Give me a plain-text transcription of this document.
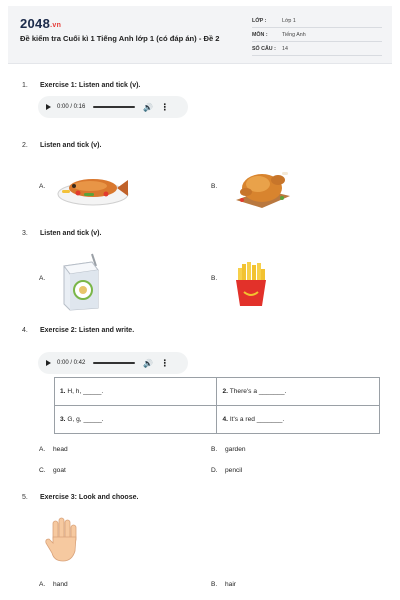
2048.vn
Đề kiểm tra Cuối kì 1 Tiếng Anh lớp 1 (có đáp án) - Đề 2
LỚP :	Lớp 1
MÔN :	Tiếng Anh
SỐ CÂU :	14
1. Exercise 1: Listen and tick (v).
0:00 / 0:16	🔊 ⋮
2. Listen and tick (v).
A.	B.
3. Listen and tick (v).
A.	B.
4. Exercise 2: Listen and write.
0:00 / 0:42	🔊 ⋮
1. H, h, _____.	2. There's a _______.
3. G, g, _____.	4. It's a red _______.
A. head	B. garden
C. goat	D. pencil
5. Exercise 3: Look and choose.
A. hand	B. hair
